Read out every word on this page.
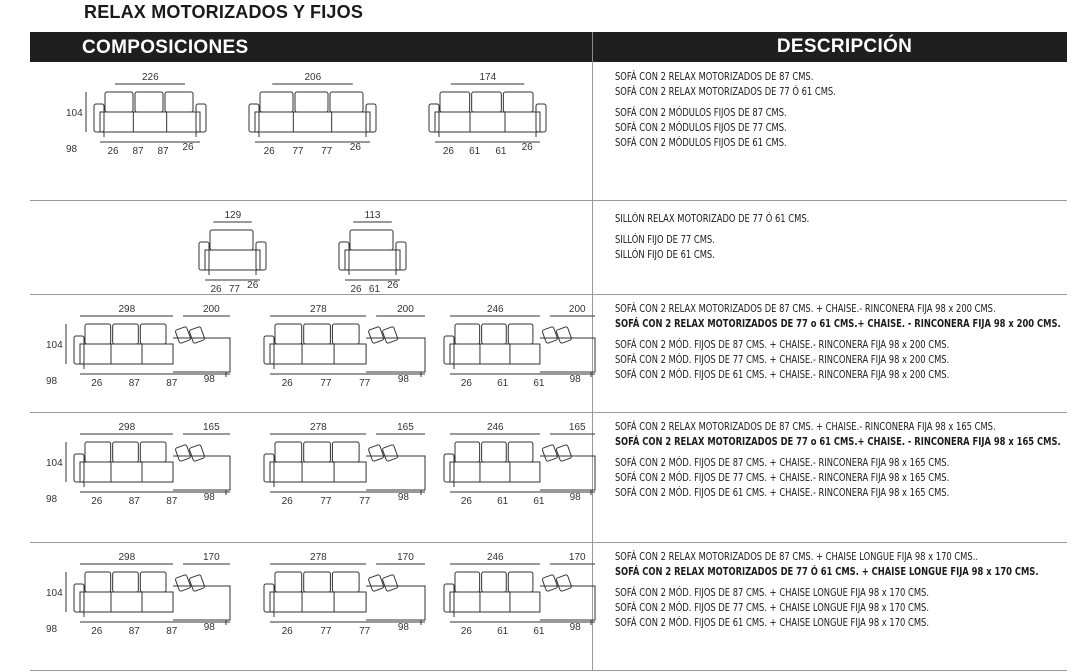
RELAX MOTORIZADOS Y FIJOS
COMPOSICIONES	DESCRIPCIÓN
226
104
98	26 87 87 26
206
26 77 77 26
174
26 61 61 26
SOFÁ CON 2 RELAX MOTORIZADOS DE 87 CMS.
SOFÁ CON 2 RELAX MOTORIZADOS DE 77 Ó 61 CMS.
SOFÁ CON 2 MÓDULOS FIJOS DE 87 CMS.
SOFÁ CON 2 MÓDULOS FIJOS DE 77 CMS.
SOFÁ CON 2 MÓDULOS FIJOS DE 61 CMS.
129
26 77 26
113
26 61 26
SILLÓN RELAX MOTORIZADO DE 77 Ó 61 CMS.
SILLÓN FIJO DE 77 CMS.
SILLÓN FIJO DE 61 CMS.
298	200
104
98	26	87	87	98
278	200
26	77	77	98
246	200
26	61	61	98
SOFÁ CON 2 RELAX MOTORIZADOS DE 87 CMS. + CHAISE.- RINCONERA FIJA 98 x 200 CMS.
SOFÁ CON 2 RELAX MOTORIZADOS DE 77 o 61 CMS.+ CHAISE. - RINCONERA FIJA 98 x 200 CMS.
SOFÁ CON 2 MÓD. FIJOS DE 87 CMS. + CHAISE.- RINCONERA FIJA 98 x 200 CMS.
SOFÁ CON 2 MÓD. FIJOS DE 77 CMS. + CHAISE.- RINCONERA FIJA 98 x 200 CMS.
SOFÁ CON 2 MÓD. FIJOS DE 61 CMS. + CHAISE.- RINCONERA FIJA 98 x 200 CMS.
298	165
104
98	26	87	87	98
278	165
26	77	77	98
246	165
26	61	61	98
SOFÁ CON 2 RELAX MOTORIZADOS DE 87 CMS. + CHAISE.- RINCONERA FIJA 98 x 165 CMS.
SOFÁ CON 2 RELAX MOTORIZADOS DE 77 o 61 CMS.+ CHAISE. - RINCONERA FIJA 98 x 165 CMS.
SOFÁ CON 2 MÓD. FIJOS DE 87 CMS. + CHAISE.- RINCONERA FIJA 98 x 165 CMS.
SOFÁ CON 2 MÓD. FIJOS DE 77 CMS. + CHAISE.- RINCONERA FIJA 98 x 165 CMS.
SOFÁ CON 2 MÓD. FIJOS DE 61 CMS. + CHAISE.- RINCONERA FIJA 98 x 165 CMS.
298	170
104
98	26	87	87	98
278	170
26	77	77	98
246	170
26	61	61	98
SOFÁ CON 2 RELAX MOTORIZADOS DE 87 CMS. + CHAISE LONGUE FIJA 98 x 170 CMS..
SOFÁ CON 2 RELAX MOTORIZADOS DE 77 Ó 61 CMS. + CHAISE LONGUE FIJA 98 x 170 CMS.
SOFÁ CON 2 MÓD. FIJOS DE 87 CMS. + CHAISE LONGUE FIJA 98 x 170 CMS.
SOFÁ CON 2 MÓD. FIJOS DE 77 CMS. + CHAISE LONGUE FIJA 98 x 170 CMS.
SOFÁ CON 2 MÓD. FIJOS DE 61 CMS. + CHAISE LONGUE FIJA 98 x 170 CMS.
